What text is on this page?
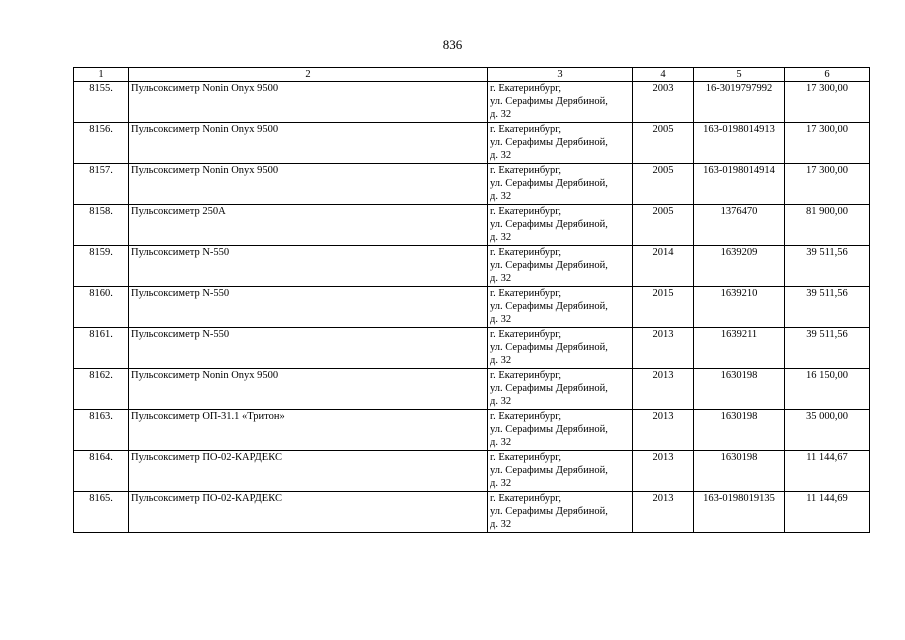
836
1	2	3	4	5	6
8155.	Пульсоксиметр Nonin Onyx 9500	г. Екатеринбург,
ул. Серафимы Дерябиной,
д. 32	2003	16-3019797992	17 300,00
8156.	Пульсоксиметр Nonin Onyx 9500	г. Екатеринбург,
ул. Серафимы Дерябиной,
д. 32	2005	163-0198014913	17 300,00
8157.	Пульсоксиметр Nonin Onyx 9500	г. Екатеринбург,
ул. Серафимы Дерябиной,
д. 32	2005	163-0198014914	17 300,00
8158.	Пульсоксиметр 250А	г. Екатеринбург,
ул. Серафимы Дерябиной,
д. 32	2005	1376470	81 900,00
8159.	Пульсоксиметр N-550	г. Екатеринбург,
ул. Серафимы Дерябиной,
д. 32	2014	1639209	39 511,56
8160.	Пульсоксиметр N-550	г. Екатеринбург,
ул. Серафимы Дерябиной,
д. 32	2015	1639210	39 511,56
8161.	Пульсоксиметр N-550	г. Екатеринбург,
ул. Серафимы Дерябиной,
д. 32	2013	1639211	39 511,56
8162.	Пульсоксиметр Nonin Onyx 9500	г. Екатеринбург,
ул. Серафимы Дерябиной,
д. 32	2013	1630198	16 150,00
8163.	Пульсоксиметр ОП-31.1 «Тритон»	г. Екатеринбург,
ул. Серафимы Дерябиной,
д. 32	2013	1630198	35 000,00
8164.	Пульсоксиметр ПО-02-КАРДЕКС	г. Екатеринбург,
ул. Серафимы Дерябиной,
д. 32	2013	1630198	11 144,67
8165.	Пульсоксиметр ПО-02-КАРДЕКС	г. Екатеринбург,
ул. Серафимы Дерябиной,
д. 32	2013	163-0198019135	11 144,69
